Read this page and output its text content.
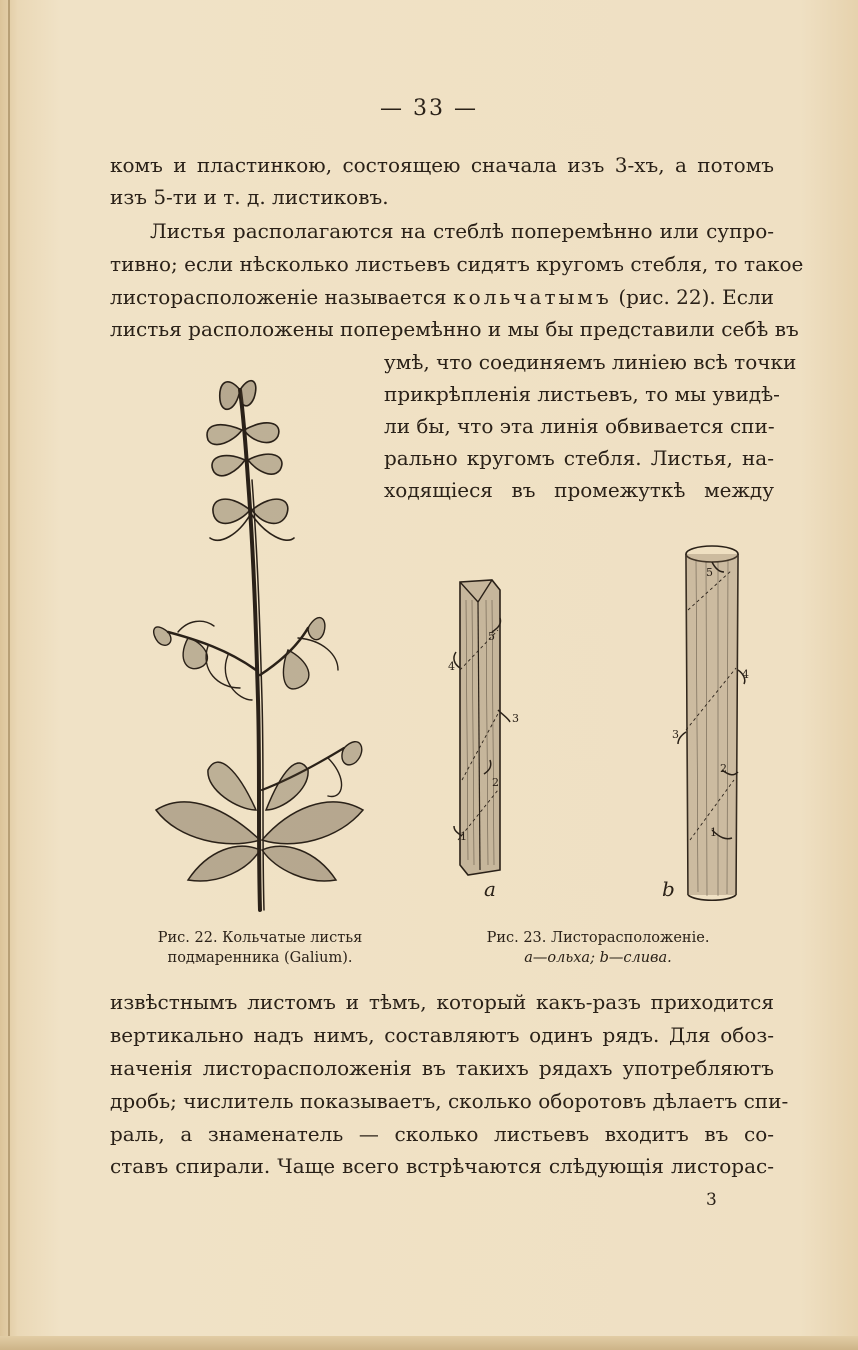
— 33 —
комъ и пластинкою, состоящею сначала изъ 3-хъ, а потомъ
изъ 5-ти и т. д. листиковъ.
Листья располагаются на стеблѣ поперемѣнно или супро-
тивно; если нѣсколько листьевъ сидятъ кругомъ стебля, то такое
листорасположенiе называется кольчатымъ (рис. 22). Если
листья расположены поперемѣнно и мы бы представили себѣ въ
умѣ, что соединяемъ линiею всѣ точки
прикрѣпленiя листьевъ, то мы увидѣ-
ли бы, что эта линiя обвивается спи-
рально кругомъ стебля. Листья, на-
ходящiеся въ промежуткѣ между
1
2
3
4
5
1
2
3
4
5
a	b
Рис. 22. Кольчатые листья
подмаренника (Galium).
Рис. 23. Листорасположенiе.
a—ольха; b—слива.
извѣстнымъ листомъ и тѣмъ, который какъ-разъ приходится
вертикально надъ нимъ, составляютъ одинъ рядъ. Для обоз-
наченiя листорасположенiя въ такихъ рядахъ употребляютъ
дробь; числитель показываетъ, сколько оборотовъ дѣлаетъ спи-
раль, а знаменатель — сколько листьевъ входитъ въ со-
ставъ спирали. Чаще всего встрѣчаются слѣдующiя листорас-
3
